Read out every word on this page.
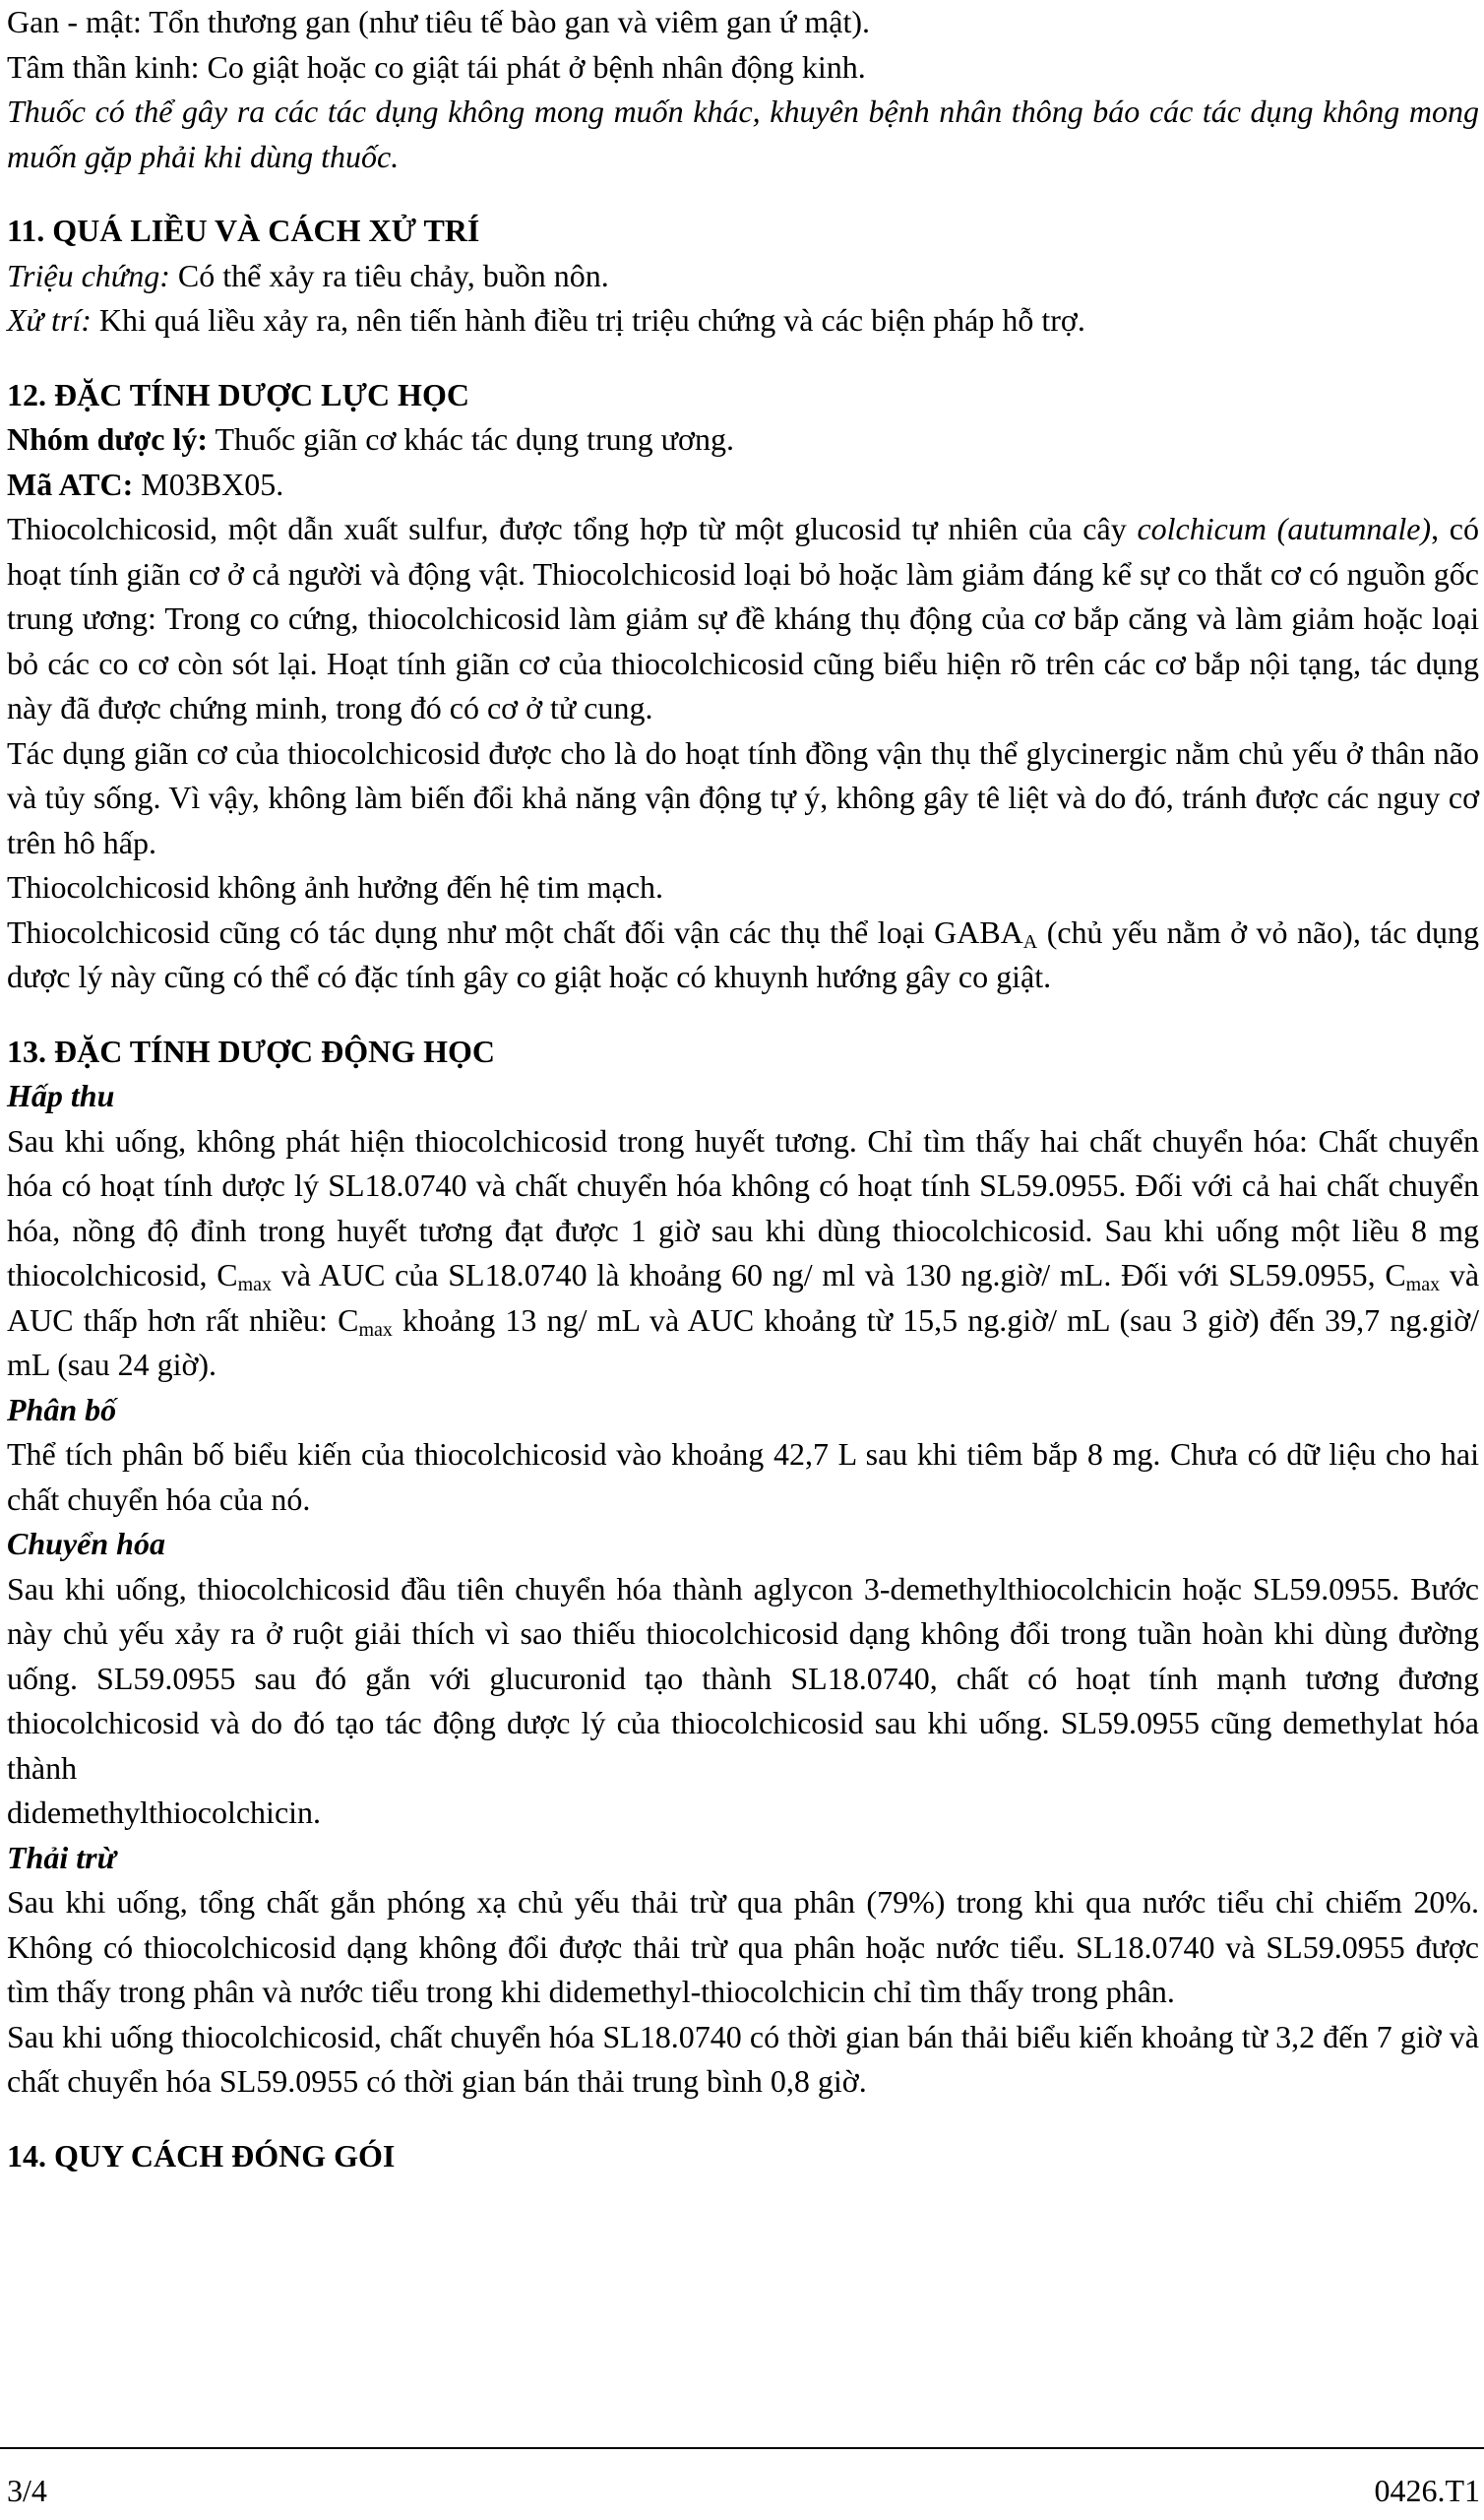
Gan - mật: Tổn thương gan (như tiêu tế bào gan và viêm gan ứ mật).

Tâm thần kinh: Co giật hoặc co giật tái phát ở bệnh nhân động kinh.

Thuốc có thể gây ra các tác dụng không mong muốn khác, khuyên bệnh nhân thông báo các tác dụng không mong muốn gặp phải khi dùng thuốc.

11. QUÁ LIỀU VÀ CÁCH XỬ TRÍ

Triệu chứng: Có thể xảy ra tiêu chảy, buồn nôn.

Xử trí: Khi quá liều xảy ra, nên tiến hành điều trị triệu chứng và các biện pháp hỗ trợ.

12. ĐẶC TÍNH DƯỢC LỰC HỌC

Nhóm dược lý: Thuốc giãn cơ khác tác dụng trung ương.

Mã ATC: M03BX05.

Thiocolchicosid, một dẫn xuất sulfur, được tổng hợp từ một glucosid tự nhiên của cây colchicum (autumnale), có hoạt tính giãn cơ ở cả người và động vật. Thiocolchicosid loại bỏ hoặc làm giảm đáng kể sự co thắt cơ có nguồn gốc trung ương: Trong co cứng, thiocolchicosid làm giảm sự đề kháng thụ động của cơ bắp căng và làm giảm hoặc loại bỏ các co cơ còn sót lại. Hoạt tính giãn cơ của thiocolchicosid cũng biểu hiện rõ trên các cơ bắp nội tạng, tác dụng này đã được chứng minh, trong đó có cơ ở tử cung.

Tác dụng giãn cơ của thiocolchicosid được cho là do hoạt tính đồng vận thụ thể glycinergic nằm chủ yếu ở thân não và tủy sống. Vì vậy, không làm biến đổi khả năng vận động tự ý, không gây tê liệt và do đó, tránh được các nguy cơ trên hô hấp.

Thiocolchicosid không ảnh hưởng đến hệ tim mạch.

Thiocolchicosid cũng có tác dụng như một chất đối vận các thụ thể loại $GABA_A$ (chủ yếu nằm ở vỏ não), tác dụng dược lý này cũng có thể có đặc tính gây co giật hoặc có khuynh hướng gây co giật.

13. ĐẶC TÍNH DƯỢC ĐỘNG HỌC

Hấp thu

Sau khi uống, không phát hiện thiocolchicosid trong huyết tương. Chỉ tìm thấy hai chất chuyển hóa: Chất chuyển hóa có hoạt tính dược lý SL18.0740 và chất chuyển hóa không có hoạt tính SL59.0955. Đối với cả hai chất chuyển hóa, nồng độ đỉnh trong huyết tương đạt được 1 giờ sau khi dùng thiocolchicosid. Sau khi uống một liều 8 mg thiocolchicosid, $C_{max}$ và AUC của SL18.0740 là khoảng 60 ng/ ml và 130 ng.giờ/ mL. Đối với SL59.0955, $C_{max}$ và AUC thấp hơn rất nhiều: $C_{max}$ khoảng 13 ng/ mL và AUC khoảng từ 15,5 ng.giờ/ mL (sau 3 giờ) đến 39,7 ng.giờ/ mL (sau 24 giờ).

Phân bố

Thể tích phân bố biểu kiến của thiocolchicosid vào khoảng 42,7 L sau khi tiêm bắp 8 mg. Chưa có dữ liệu cho hai chất chuyển hóa của nó.

Chuyển hóa

Sau khi uống, thiocolchicosid đầu tiên chuyển hóa thành aglycon 3-demethylthiocolchicin hoặc SL59.0955. Bước này chủ yếu xảy ra ở ruột giải thích vì sao thiếu thiocolchicosid dạng không đổi trong tuần hoàn khi dùng đường uống. SL59.0955 sau đó gắn với glucuronid tạo thành SL18.0740, chất có hoạt tính mạnh tương đương thiocolchicosid và do đó tạo tác động dược lý của thiocolchicosid sau khi uống. SL59.0955 cũng demethylat hóa thành
didemethylthiocolchicin.

Thải trừ

Sau khi uống, tổng chất gắn phóng xạ chủ yếu thải trừ qua phân (79%) trong khi qua nước tiểu chỉ chiếm 20%. Không có thiocolchicosid dạng không đổi được thải trừ qua phân hoặc nước tiểu. SL18.0740 và SL59.0955 được tìm thấy trong phân và nước tiểu trong khi didemethyl-thiocolchicin chỉ tìm thấy trong phân.

Sau khi uống thiocolchicosid, chất chuyển hóa SL18.0740 có thời gian bán thải biểu kiến khoảng từ 3,2 đến 7 giờ và chất chuyển hóa SL59.0955 có thời gian bán thải trung bình 0,8 giờ.

14. QUY CÁCH ĐÓNG GÓI

3/4	0426.T1
